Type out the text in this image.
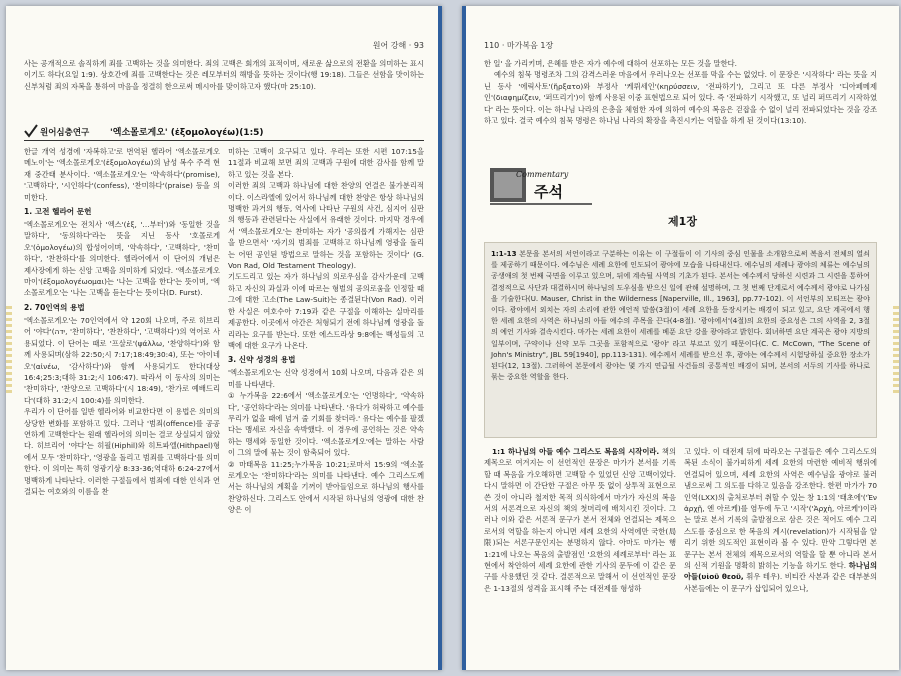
원어 강해 · 93

사는 공개적으로 솔직하게 죄를 고백하는 것을 의미한다. 죄의 고백은 회개의 표적이며, 새로운 삶으로의 전환을 의미하는 표시이기도 하다(요일 1:9). 상호간에 죄를 고백한다는 것은 레모부터의 해방을 뜻하는 것이다(행 19:18). 그들은 선함을 맛이하는 신부처럼 죄의 자복을 통하여 마음을 정결히 한으로써 메시아를 맞이하고자 했다(마 25:10).

원어심층연구 '엑소몰로게오' (ἐξομολογέω)(1:5)

한글 개역 성경에 '자복하고'로 번역된 헬라어 '엑소몰로게오메노이'는 '엑소몰로게오'(ἐξομολογέω)의 남성 복수 주격 현재 중간태 분사이다. '엑소몰로게오'는 '약속하다'(promise), '고백하다', '시인하다'(confess), '찬미하다'(praise) 등을 의미한다.

1. 고전 헬라어 문헌

'엑소몰로게오'는 전치사 '엑스'(ἐξ, '…부터')와 '동일한 것을 말하다', '동의하다'라는 뜻을 지닌 동사 '호몰로게오'(ὁμολογέω)의 합성어이며, '약속하다', '고백하다', '찬미하다', '찬찬하다'를 의미한다. 헬라어에서 이 단어의 개념은 제사장에게 하는 신앙 고백을 의미하게 되었다. '엑소몰로게오마이'(ἐξομολογέωομαι)는 '나는 고백을 한다'는 뜻이며, '엑소몰로게오'는 '나는 고백을 듣는다'는 뜻이다(D. Furst).

2. 70인역의 용법

'엑소몰로게오'는 70인역에서 약 120회 나오며, 주로 히브리어 '야다'(ידה, '찬미하다', '찬찬하다', '고백하다')의 역어로 사용되었다. 이 단어는 때로 '프살로'(ψάλλω, '찬양하다')와 함께 사용되며(삼하 22:50;시 7:17;18:49;30:4), 또는 '아이네오'(αἰνέω, '감사하다')와 함께 사용되기도 한다(대상 16:4;25:3;대하 31:2;시 106:47). 따라서 이 동사의 의미는 '찬미하다', '찬양으로 고백하다'(시 18:49), '찬가로 예배드리다'(대하 31:2;시 100:4)를 의미한다.

우리가 이 단어를 일반 헬라어와 비교한다면 이 용법은 의미의 상당한 변화를 포함하고 있다. 그러나 '범죄(offence)를 공공연하게 고백한다'는 원래 헬라어의 의미는 결코 상실되지 않았다. 히브리어 '야다'는 히필(Hiphil)와 히트파엘(Hithpael)형에서 모두 '찬미하다', '영광을 돌리고 범죄를 고백하다'를 의미한다. 이 의미는 특히 영광기상 8:33-36;역대하 6:24-27에서 명백하게 나타난다. 이러한 구절들에서 범죄에 대한 인식과 연결되는 여호와의 이름을 찬

미하는 고백이 요구되고 있다. 우리는 또한 시편 107:15을 11절과 비교해 보면 죄의 고백과 구원에 대한 감사를 함께 말하고 있는 것을 본다.

이러한 죄의 고백과 하나님에 대한 찬양의 연결은 불가분리적이다. 이스라엘에 있어서 하나님께 대한 찬양은 항상 하나님의 명백한 과거의 행동, 역사에 나타난 구원의 사건, 심지어 심판의 행동과 관련된다는 사실에서 유래한 것이다. 마지막 경우에서 '엑소몰로게오'는 찬미하는 자가 '공의롭게 가해지는 심판을 받으면서' '자기의 범죄를 고백하고 하나님께 영광을 돌리는 어떤 공인된 방법으로 말하는 것을 포함하는 것이다' (G. Von Rad, Old Testament Theology).

기도드리고 있는 자가 하나님의 의로우심을 감사가운데 고백하고 자신의 과실과 이에 따르는 형벌의 공의로움을 인정할 때 그에 대한 고소(The Law-Suit)는 종결된다(Von Rad). 이러한 사실은 여호수아 7:19과 같은 구절을 이해하는 실마리를 제공한다. 이곳에서 아간은 처형되기 전에 하나님께 영광을 돌리라는 요구를 받는다. 또한 에스드라상 9:8에는 백성들의 고백에 대한 요구가 나온다.

3. 신약 성경의 용법

'엑소몰로게오'는 신약 성경에서 10회 나오며, 다음과 같은 의미를 나타낸다.

① 누가복음 22:6에서 '엑소몰로게오'는 '언명하다', '약속하다', '공언하다'라는 의미를 나타낸다. '유다가 허락하고 예수를 무리가 없을 때에 넘겨 줄 기회를 찾더라.' 유다는 예수를 팔겠다는 맹세로 자신을 속박했다. 이 경우에 공언하는 것은 약속하는 맹세와 동일한 것이다. '엑소몰로게오'에는 말하는 사람이 그의 말에 묶는 것이 함축되어 있다.

② 마태복음 11:25;누가복음 10:21;로마서 15:9의 '엑소몰로게오'는 '찬미하다'라는 의미를 나타낸다. 예수 그리스도께서는 하나님의 계획을 기꺼이 받아들임으로 하나님의 행사를 찬양하신다. 그리스도 안에서 시작된 하나님의 영광에 대한 찬양은 이

110 · 마가복음 1장

한 일' 을 가리키며, 은혜를 받은 자가 예수에 대하여 선포하는 모든 것을 말한다.

예수의 침묵 명령조차 그의 감격스러운 마음에서 우러나오는 선포를 막을 수는 없었다. 이 문장은 '시작하다' 라는 뜻을 지닌 동사 '에릭사토'(ἤρξατο)와 부정사 '케뤼세인'(κηρύσσειν, '전파하기'), 그리고 또 다른 부정사 '디아페메제인'(διαφημίζειν, '퍼뜨리기')이 함께 사용된 이중 표현법으로 되어 있다. 즉 '전파하기 시작했고, 또 널리 퍼뜨리기 시작하였다' 라는 뜻이다. 이는 하나님 나라의 은총을 체험한 자에 의하여 예수의 복음은 걷잡을 수 없이 널리 전파되었다는 것을 강조하고 있다. 결국 예수의 침묵 명령은 하나님 나라의 확장을 촉진시키는 역할을 하게 된 것이다(13:10).

Commentary
주석
제1장

1:1-13 본문을 본서의 서언이라고 구분하는 이유는 이 구절들이 이 기사의 중심 인물을 소개함으로써 복음서 전체의 열쇠를 제공하기 때문이다. 예수님은 세례 요한에 인도되어 광야에 모습을 나타내신다. 예수님의 세례나 광야의 체류는 예수님의 공생애의 첫 번째 국면을 이루고 있으며, 뒤에 계속될 사역의 기초가 된다. 본서는 예수께서 당하신 시련과 그 시련을 통하여 결정적으로 사단과 대결하시며 하나님의 도우심을 받으신 일에 관해 설명하며, 그 첫 번째 단계로서 예수께서 광야로 나가심을 기술한다(U. Mauser, Christ in the Wilderness [Naperville, Ill., 1963], pp.77-102). 이 서언부의 모티프는 광야이다. 광야에서 외치는 자의 소리에 관한 예언적 말씀(3절)이 세례 요한을 등장시키는 배경이 되고 있고, 요단 계곡에서 행한 세례 요한의 사역은 하나님의 아들 예수의 주목을 끈다(4-8절). '광야에서'(4절)의 요한의 중요성은 그의 사역을 2, 3절의 예언 기사와 결속시킨다. 마가는 세례 요한이 세례를 베푼 요단 강을 광야라고 밝힌다. 회녀하면 요단 계곡은 광야 지방의 일부이며, 구약이나 신약 모두 그곳을 포함적으로 '광야' 라고 부르고 있기 때문이다(C. C. McCown, "The Scene of John's Ministry", JBL 59[1940], pp.113-131). 예수께서 세례를 받으신 후, 광야는 예수께서 시험당하실 중요한 장소가 된다(12, 13절). 그러하여 본문에서 광야는 몇 가지 연급될 사건들의 공통적인 배경이 되며, 본서의 서두의 기사를 하나로 묶는 중요한 역할을 한다.

1:1 하나님의 아들 예수 그리스도 복음의 시작이라. 책의 제목으로 여겨지는 이 선언적인 문장은 마가가 본서를 기록할 때 복음을 가오해하면 고백할 수 있었던 신앙 고백이었다. 다시 말하면 이 간단한 구절은 아무 뜻 없이 상투적 표현으로 쓴 것이 아니라 철저한 목적 의식하에서 마가가 자신의 복음서의 서론격으로 자신의 책의 첫머리에 배치시킨 것이다. 그러나 이와 같은 서론적 문구가 본서 전체와 연결되는 제목으로서의 역할을 하는지 아니면 세례 요한의 사역에만 국한(局限)되는 서론구문인지는 분명하지 않다. 아마도 마가는 행 1:21에 나오는 복음의 출발점인 '요한의 세례로부터' 라는 표현에서 착안하여 세례 요한에 관한 기사의 문두에 이 같은 문구를 사용했던 것 같다. 결론적으로 말해서 이 선언적인 문장은 1-13절의 성격을 표시해 주는 대전제를 형성하

고 있다. 이 대전제 뒤에 따라오는 구절들은 예수 그리스도의 복된 소식이 불가피하게 세례 요한의 마련한 예비적 행위에 연결되어 있으며, 세례 요한의 사역은 예수님을 광야로 불러냄으로써 그 의도를 다하고 있음을 강조한다. 한편 마가가 70인역(LXX)의 출처로부터 취할 수 있는 창 1:1의 '태초에'('Ἐν ἀρχῇ, 엔 아르케)를 염두에 두고 '시작'('Ἀρχὴ, 아르케')이라는 말로 본서 기록의 출발점으로 삼은 것은 적어도 예수 그리스도를 중심으로 한 복음의 계시(revelation)가 시작됨을 알리기 위한 의도적인 표현이라 볼 수 있다. 만약 그렇다면 본 문구는 본서 전체의 제목으로서의 역할을 할 뿐 아니라 본서의 신적 기원을 명확히 밝히는 기능을 하기도 한다. 하나님의 아들(υἱοῦ θεοῦ, 휘우 테우). 비티칸 사본과 같은 대부분의 사본들에는 이 문구가 삽입되어 있으나,
